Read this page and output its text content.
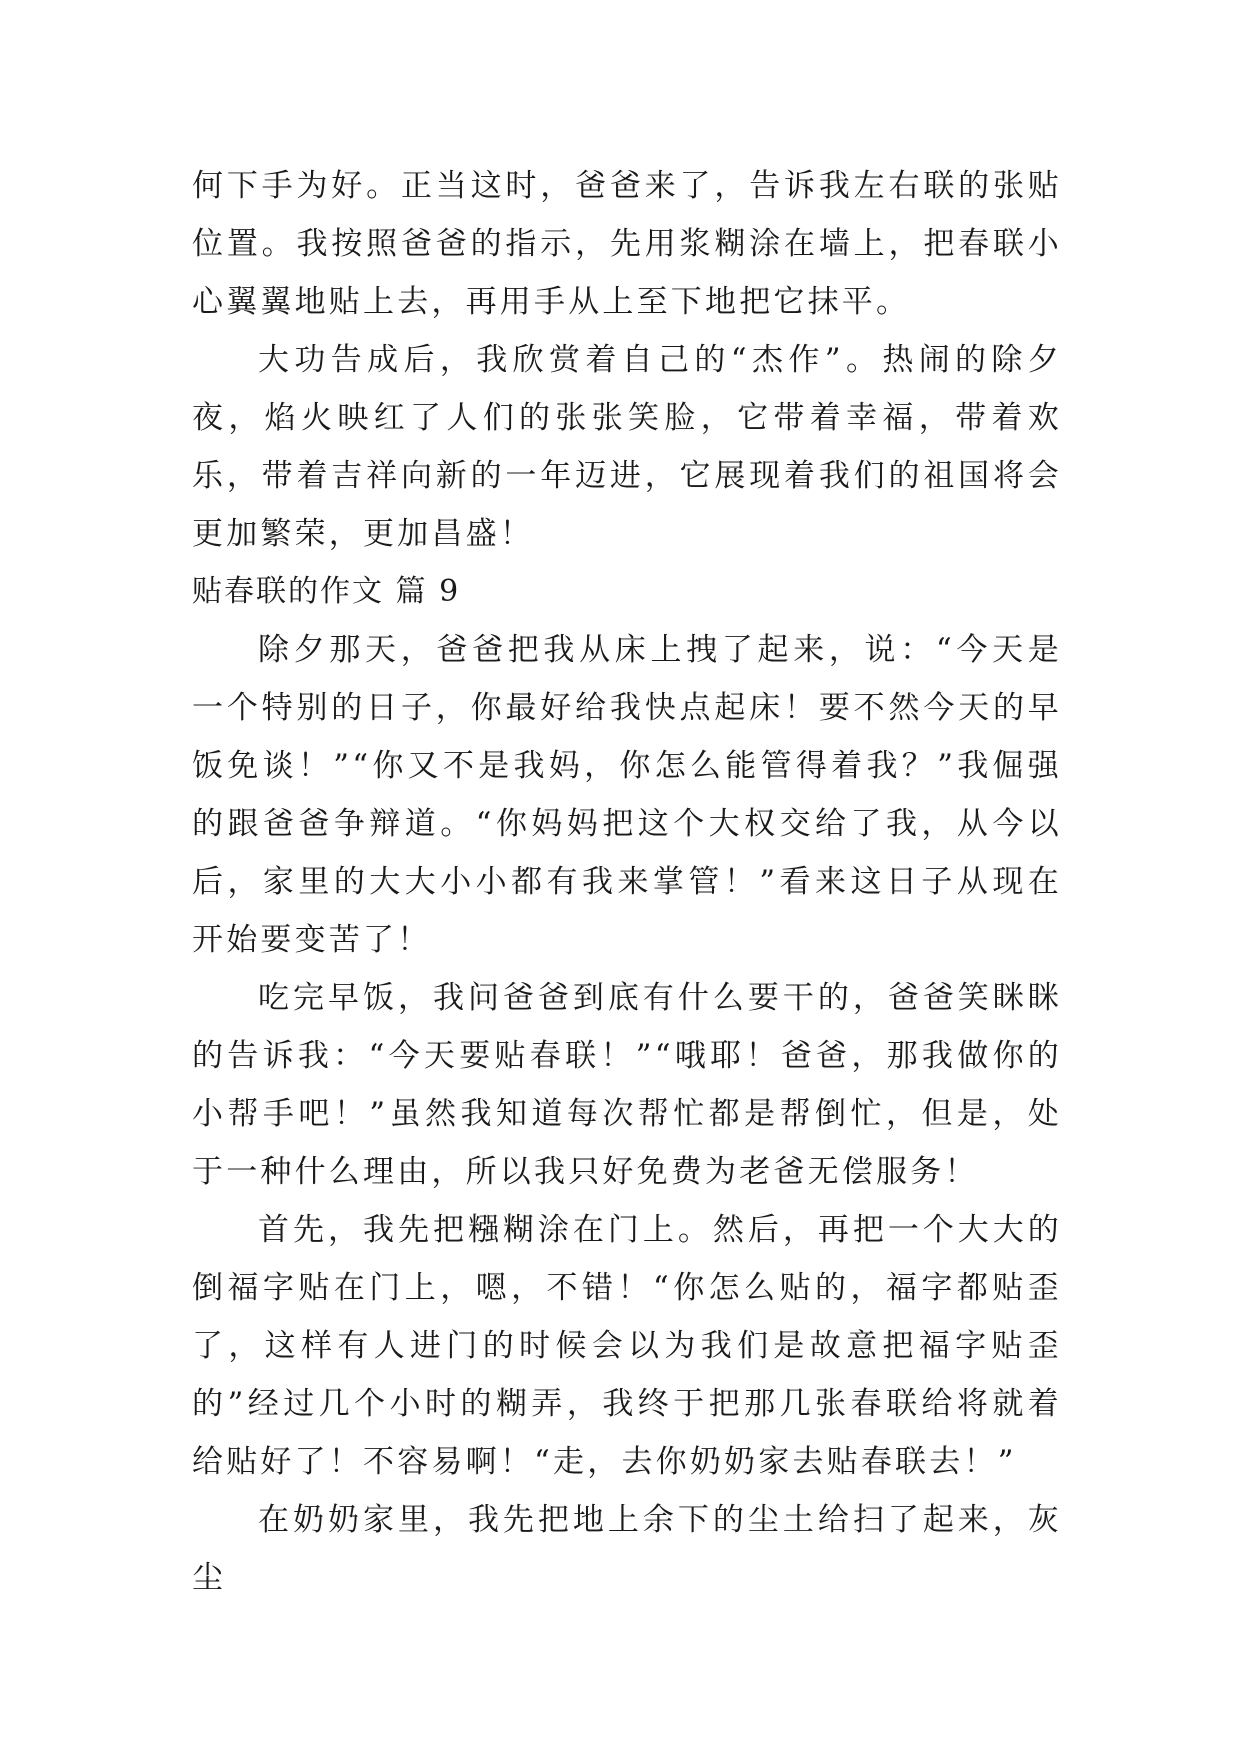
何下手为好。正当这时，爸爸来了，告诉我左右联的张贴位置。我按照爸爸的指示，先用浆糊涂在墙上，把春联小心翼翼地贴上去，再用手从上至下地把它抹平。

大功告成后，我欣赏着自己的“杰作”。热闹的除夕夜，焰火映红了人们的张张笑脸，它带着幸福，带着欢乐，带着吉祥向新的一年迈进，它展现着我们的祖国将会更加繁荣，更加昌盛！

贴春联的作文 篇 9

除夕那天，爸爸把我从床上拽了起来，说：“今天是一个特别的日子，你最好给我快点起床！要不然今天的早饭免谈！”“你又不是我妈，你怎么能管得着我？”我倔强的跟爸爸争辩道。“你妈妈把这个大权交给了我，从今以后，家里的大大小小都有我来掌管！”看来这日子从现在开始要变苦了！

吃完早饭，我问爸爸到底有什么要干的，爸爸笑眯眯的告诉我：“今天要贴春联！”“哦耶！爸爸，那我做你的小帮手吧！”虽然我知道每次帮忙都是帮倒忙，但是，处于一种什么理由，所以我只好免费为老爸无偿服务！

首先，我先把糨糊涂在门上。然后，再把一个大大的倒福字贴在门上，嗯，不错！“你怎么贴的，福字都贴歪了，这样有人进门的时候会以为我们是故意把福字贴歪的”经过几个小时的糊弄，我终于把那几张春联给将就着给贴好了！不容易啊！“走，去你奶奶家去贴春联去！”

在奶奶家里，我先把地上余下的尘土给扫了起来，灰尘
